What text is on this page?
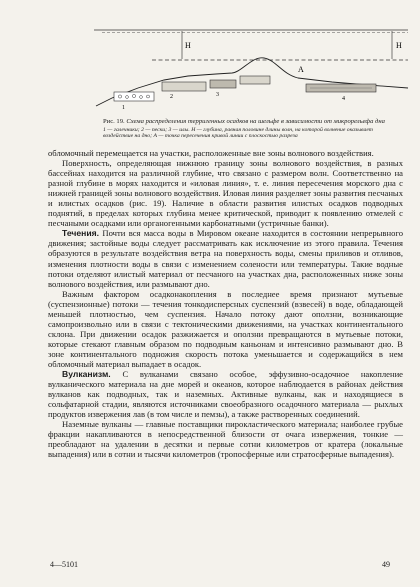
H
H
A
1
2	3
4
Рис. 19. Схема распределения терригенных осадков на шельфе в зависимости от микрорельефа дна
1 — галечники; 2 — пески; 3 — илы. Н — глубина, равная половине длины волн, на которой волнение оказывает воздействие на дно; А — точка пересечения кривой линии с плоскостью разреза

обломочный перемещается на участки, расположенные вне зоны волнового воздействия.

Поверхность, определяющая нижнюю границу зоны волнового воздействия, в разных бассейнах находится на различной глубине, что связано с размером волн. Соответственно на разной глубине в морях находится и «иловая линия», т. е. линия пересечения морского дна с нижней границей зоны волнового воздействия. Иловая линия разделяет зоны развития песчаных и илистых осадков (рис. 19). Наличие в области развития илистых осадков подводных поднятий, в пределах которых глубина менее критической, приводит к появлению отмелей с песчаными осадками или органогенными карбонатными (устричные банки).

Течения. Почти вся масса воды в Мировом океане находится в состоянии непрерывного движения; застойные воды следует рассматривать как исключение из этого правила. Течения образуются в результате воздействия ветра на поверхность воды, смены приливов и отливов, изменения плотности воды в связи с изменением солености или температуры. Такие водные потоки отделяют илистый материал от песчаного на участках дна, расположенных ниже зоны волнового воздействия, или размывают дно.

Важным фактором осадконакопления в последнее время признают мутьевые (суспензионные) потоки — течения тонкодисперсных суспензий (взвесей) в воде, обладающей меньшей плотностью, чем суспензия. Начало потоку дают оползни, возникающие самопроизвольно или в связи с тектоническими движениями, на участках континентального склона. При движении осадок разжижается и оползни превращаются в мутьевые потоки, которые стекают главным образом по подводным каньонам и интенсивно размывают дно. В зоне континентального подножия скорость потока уменьшается и содержащийся в нем обломочный материал выпадает в осадок.

Вулканизм. С вулканами связано особое, эффузивно-осадочное накопление вулканического материала на дне морей и океанов, которое наблюдается в районах действия вулканов как подводных, так и наземных. Активные вулканы, как и находящиеся в сольфатарной стадии, являются источниками своеобразного осадочного материала — рыхлых продуктов извержения лав (в том числе и пемзы), а также растворенных соединений.

Наземные вулканы — главные поставщики пирокластического материала; наиболее грубые фракции накапливаются в непосредственной близости от очага извержения, тонкие — преобладают на удалении в десятки и первые сотни километров от кратера (локальные выпадения) или в сотни и тысячи километров (тропосферные или стратосферные выпадения).

4—5101	49
